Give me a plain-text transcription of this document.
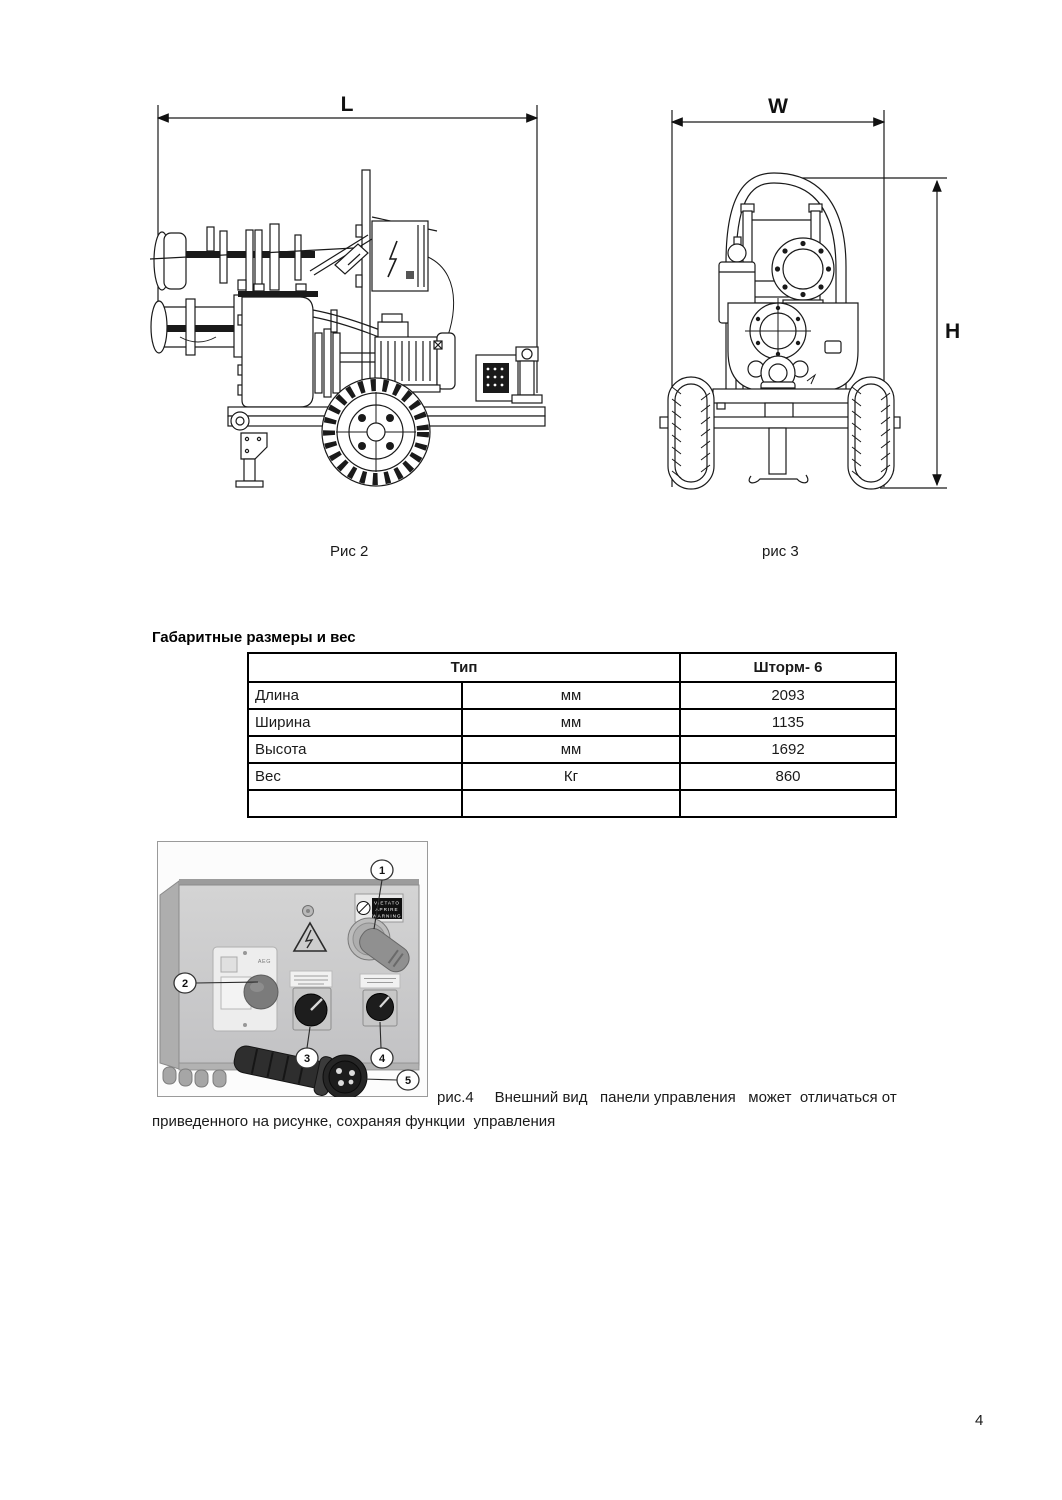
L	W
H
Рис 2	рис 3
Габаритные размеры и вес
Тип		Шторм- 6
Длина	мм	2093
Ширина	мм	1135
Высота	мм	1692
Вес	Кг	860

VIETATO
APRIRE
WARNING
AEG
1
2
3	4
5
рис.4     Внешний вид   панели управления   может  отличаться от
приведенного на рисунке, сохраняя функции  управления
4
